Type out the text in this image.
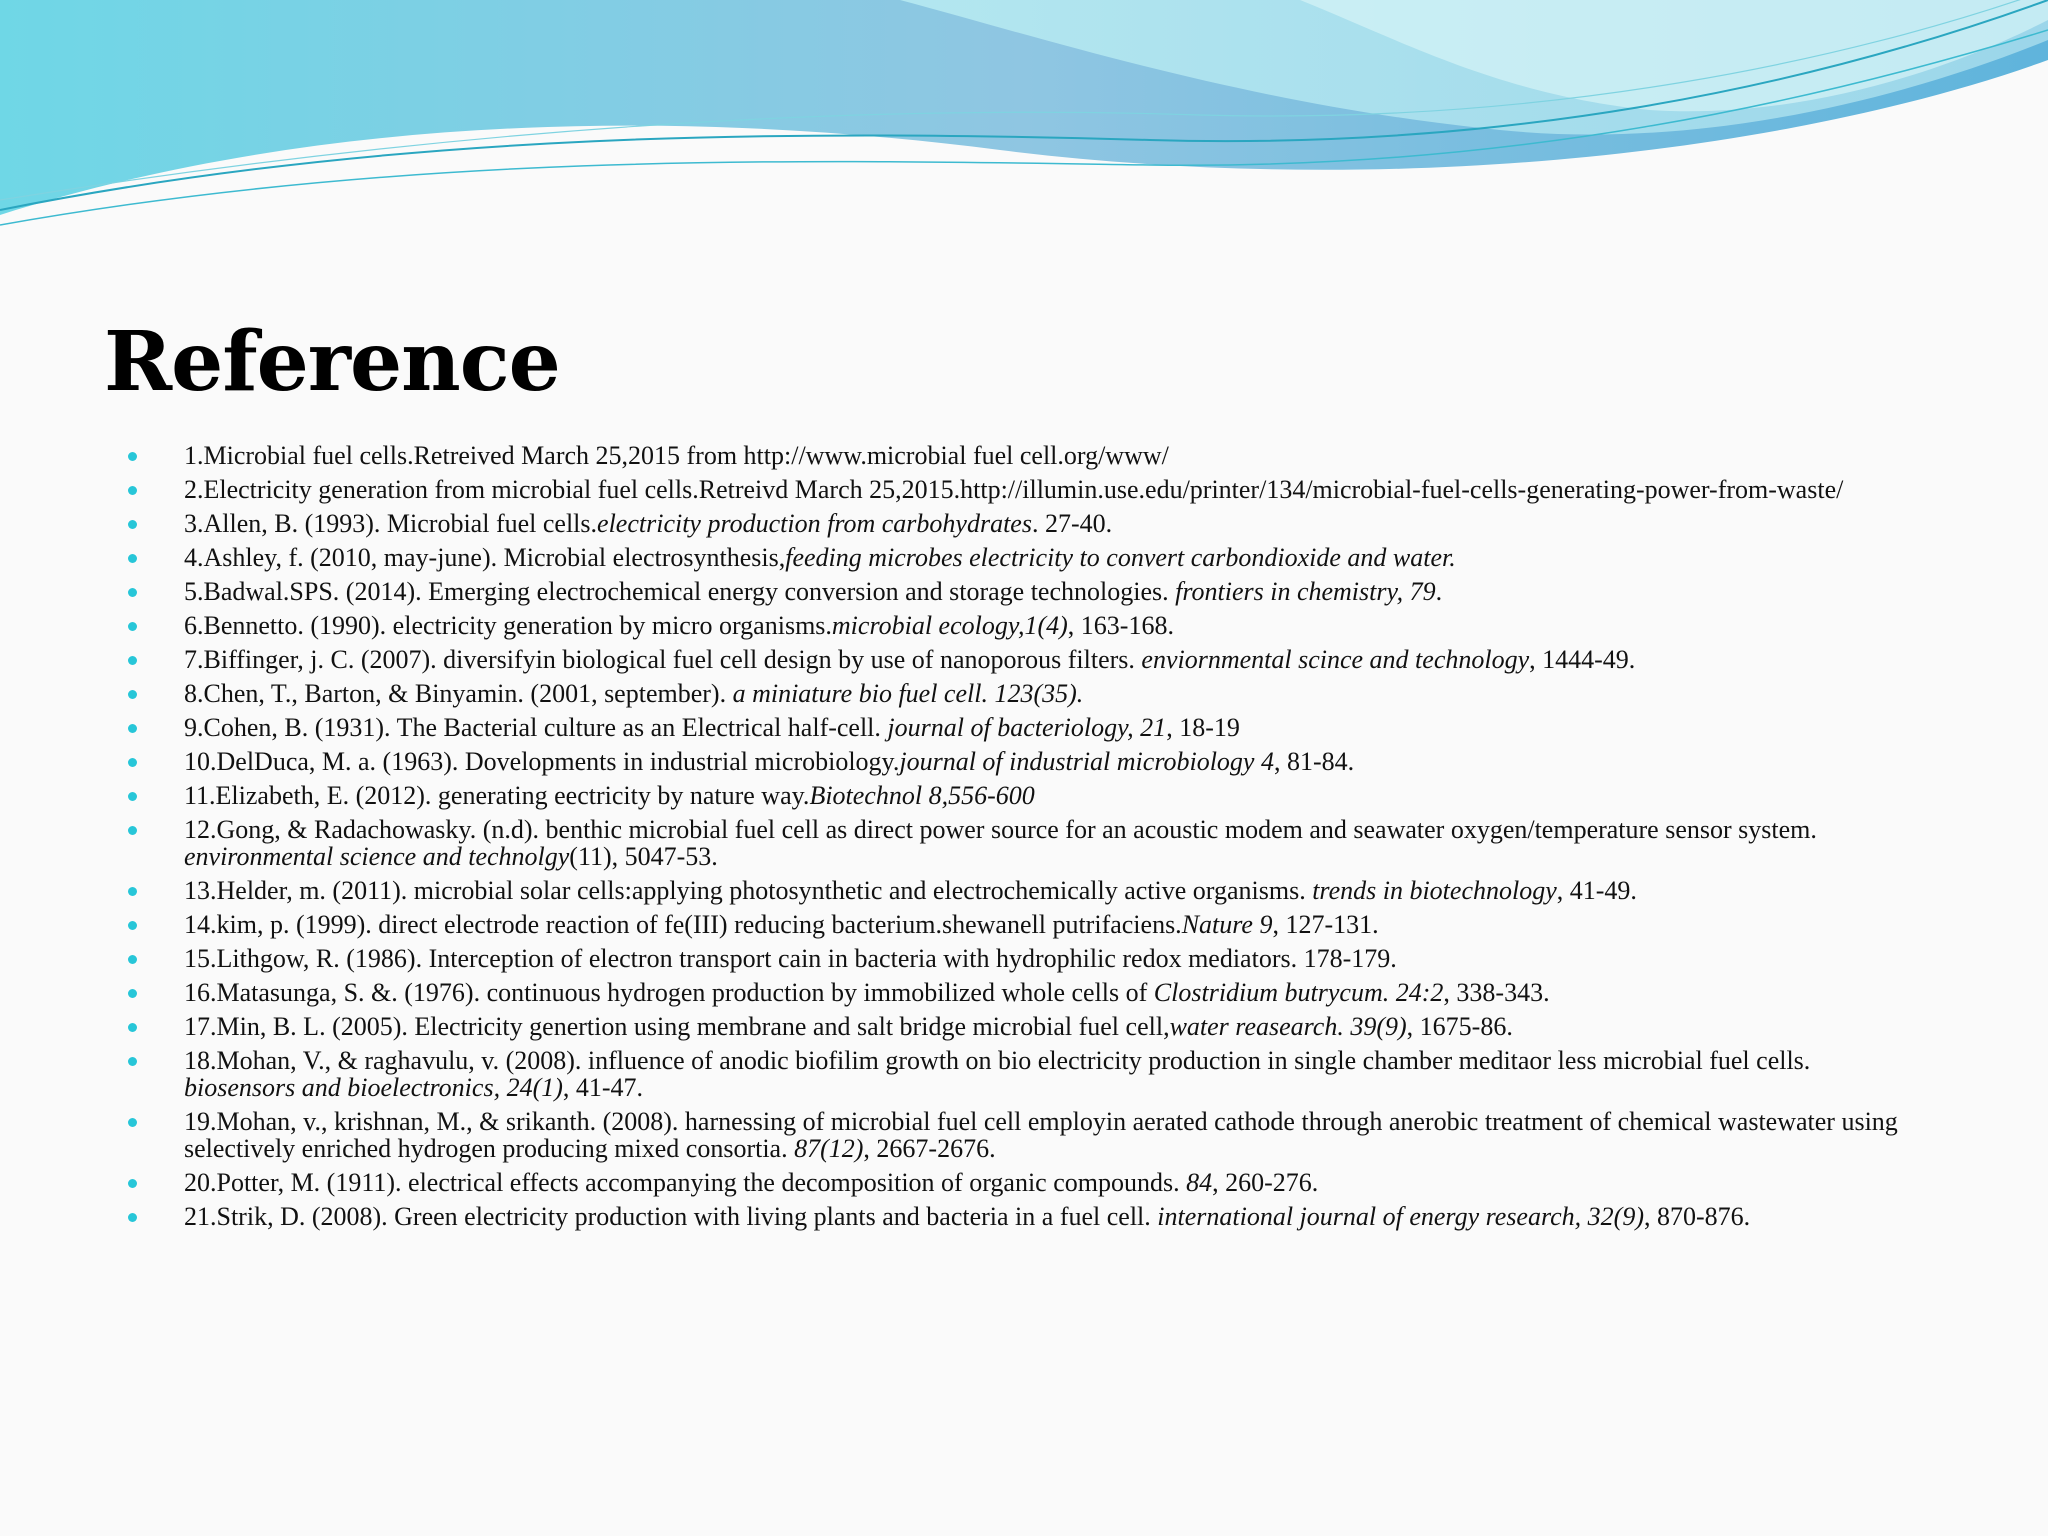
Reference
1.Microbial fuel cells.Retreived March 25,2015 from http://www.microbial fuel cell.org/www/
2.Electricity generation from microbial fuel cells.Retreivd March 25,2015.http://illumin.use.edu/printer/134/microbial-fuel-cells-generating-power-from-waste/
3.Allen, B. (1993). Microbial fuel cells.electricity production from carbohydrates. 27-40.
4.Ashley, f. (2010, may-june). Microbial electrosynthesis,feeding microbes electricity to convert carbondioxide and water.
5.Badwal.SPS. (2014). Emerging electrochemical energy conversion and storage technologies. frontiers in chemistry, 79.
6.Bennetto. (1990). electricity generation by micro organisms.microbial ecology,1(4), 163-168.
7.Biffinger, j. C. (2007). diversifyin biological fuel cell design by use of nanoporous filters. enviornmental scince and technology, 1444-49.
8.Chen, T., Barton, & Binyamin. (2001, september). a miniature bio fuel cell. 123(35).
9.Cohen, B. (1931). The Bacterial culture as an Electrical half-cell. journal of bacteriology, 21, 18-19
10.DelDuca, M. a. (1963). Dovelopments in industrial microbiology.journal of industrial microbiology 4, 81-84.
11.Elizabeth, E. (2012). generating eectricity by nature way.Biotechnol 8,556-600
12.Gong, & Radachowasky. (n.d). benthic microbial fuel cell as direct power source for an acoustic modem and seawater oxygen/temperature sensor system. environmental science and technolgy(11), 5047-53.
13.Helder, m. (2011). microbial solar cells:applying photosynthetic and electrochemically active organisms. trends in biotechnology, 41-49.
14.kim, p. (1999). direct electrode reaction of fe(III) reducing bacterium.shewanell putrifaciens.Nature 9, 127-131.
15.Lithgow, R. (1986). Interception of electron transport cain in bacteria with hydrophilic redox mediators. 178-179.
16.Matasunga, S. &. (1976). continuous hydrogen production by immobilized whole cells of Clostridium butrycum. 24:2, 338-343.
17.Min, B. L. (2005). Electricity genertion using membrane and salt bridge microbial fuel cell,water reasearch. 39(9), 1675-86.
18.Mohan, V., & raghavulu, v. (2008). influence of anodic biofilim growth on bio electricity production in single chamber meditaor less microbial fuel cells. biosensors and bioelectronics, 24(1), 41-47.
19.Mohan, v., krishnan, M., & srikanth. (2008). harnessing of microbial fuel cell employin aerated cathode through anerobic treatment of chemical wastewater using selectively enriched hydrogen producing mixed consortia. 87(12), 2667-2676.
20.Potter, M. (1911). electrical effects accompanying the decomposition of organic compounds. 84, 260-276.
21.Strik, D. (2008). Green electricity production with living plants and bacteria in a fuel cell. international journal of energy research, 32(9), 870-876.
